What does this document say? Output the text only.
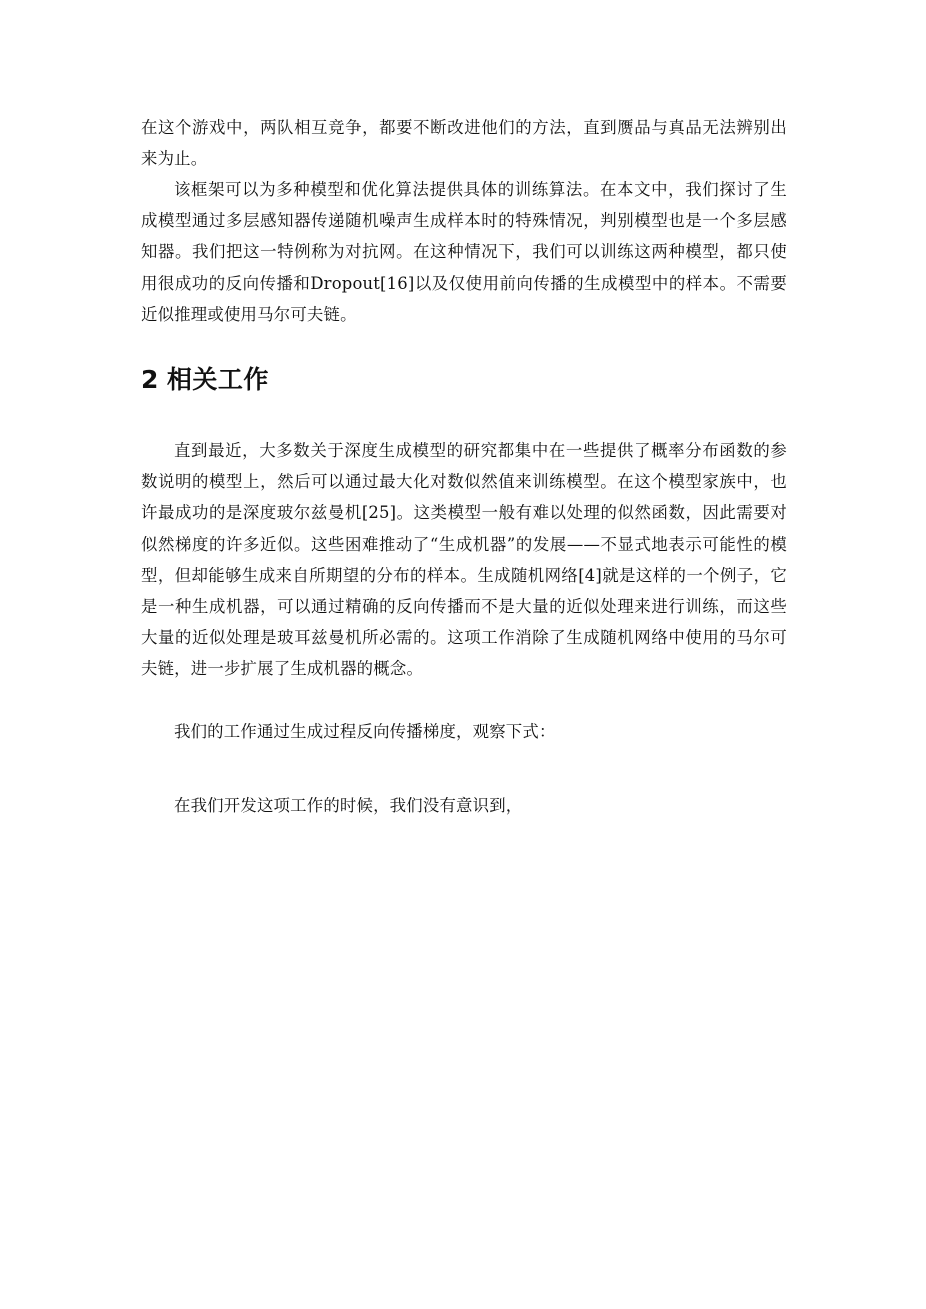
在这个游戏中，两队相互竞争，都要不断改进他们的方法，直到赝品与真品无法辨别出来为止。

该框架可以为多种模型和优化算法提供具体的训练算法。在本文中，我们探讨了生成模型通过多层感知器传递随机噪声生成样本时的特殊情况，判别模型也是一个多层感知器。我们把这一特例称为对抗网。在这种情况下，我们可以训练这两种模型，都只使用很成功的反向传播和Dropout[16]以及仅使用前向传播的生成模型中的样本。不需要近似推理或使用马尔可夫链。

2 相关工作

直到最近，大多数关于深度生成模型的研究都集中在一些提供了概率分布函数的参数说明的模型上，然后可以通过最大化对数似然值来训练模型。在这个模型家族中，也许最成功的是深度玻尔兹曼机[25]。这类模型一般有难以处理的似然函数，因此需要对似然梯度的许多近似。这些困难推动了“生成机器”的发展——不显式地表示可能性的模型，但却能够生成来自所期望的分布的样本。生成随机网络[4]就是这样的一个例子，它是一种生成机器，可以通过精确的反向传播而不是大量的近似处理来进行训练，而这些大量的近似处理是玻耳兹曼机所必需的。这项工作消除了生成随机网络中使用的马尔可夫链，进一步扩展了生成机器的概念。

我们的工作通过生成过程反向传播梯度，观察下式：

在我们开发这项工作的时候，我们没有意识到，
